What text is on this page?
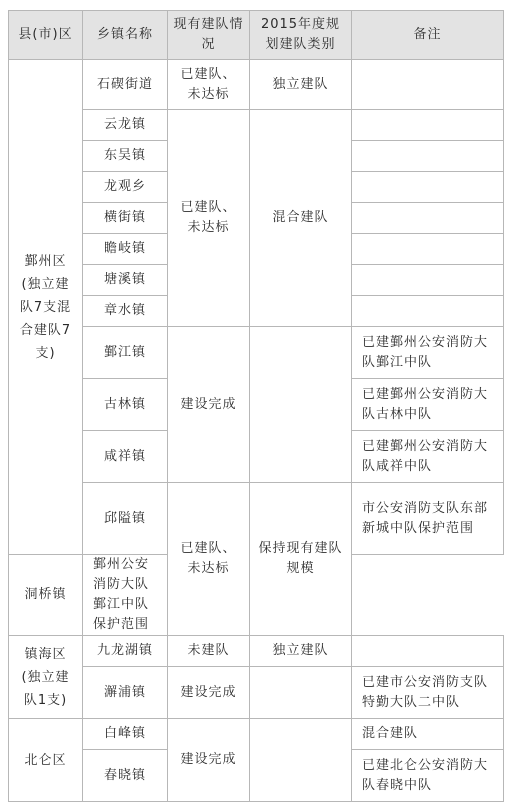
县(市)区	乡镇名称	现有建队情况	2015年度规划建队类别	备注

鄞州区(独立建队7支混合建队7支)	石碶街道	已建队、未达标	独立建队	
	云龙镇	已建队、未达标	混合建队	
	东吴镇			
	龙观乡			
	横街镇			
	瞻岐镇			
	塘溪镇			
	章水镇			
	鄞江镇	建设完成		已建鄞州公安消防大队鄞江中队
	古林镇			已建鄞州公安消防大队古林中队
	咸祥镇			已建鄞州公安消防大队咸祥中队
	邱隘镇	已建队、未达标	保持现有建队规模	市公安消防支队东部新城中队保护范围
洞桥镇	鄞州公安消防大队鄞江中队保护范围			

镇海区(独立建队1支)	九龙湖镇	未建队	独立建队	
	澥浦镇	建设完成		已建市公安消防支队特勤大队二中队

北仑区	白峰镇	建设完成		混合建队
	春晓镇			已建北仑公安消防大队春晓中队
